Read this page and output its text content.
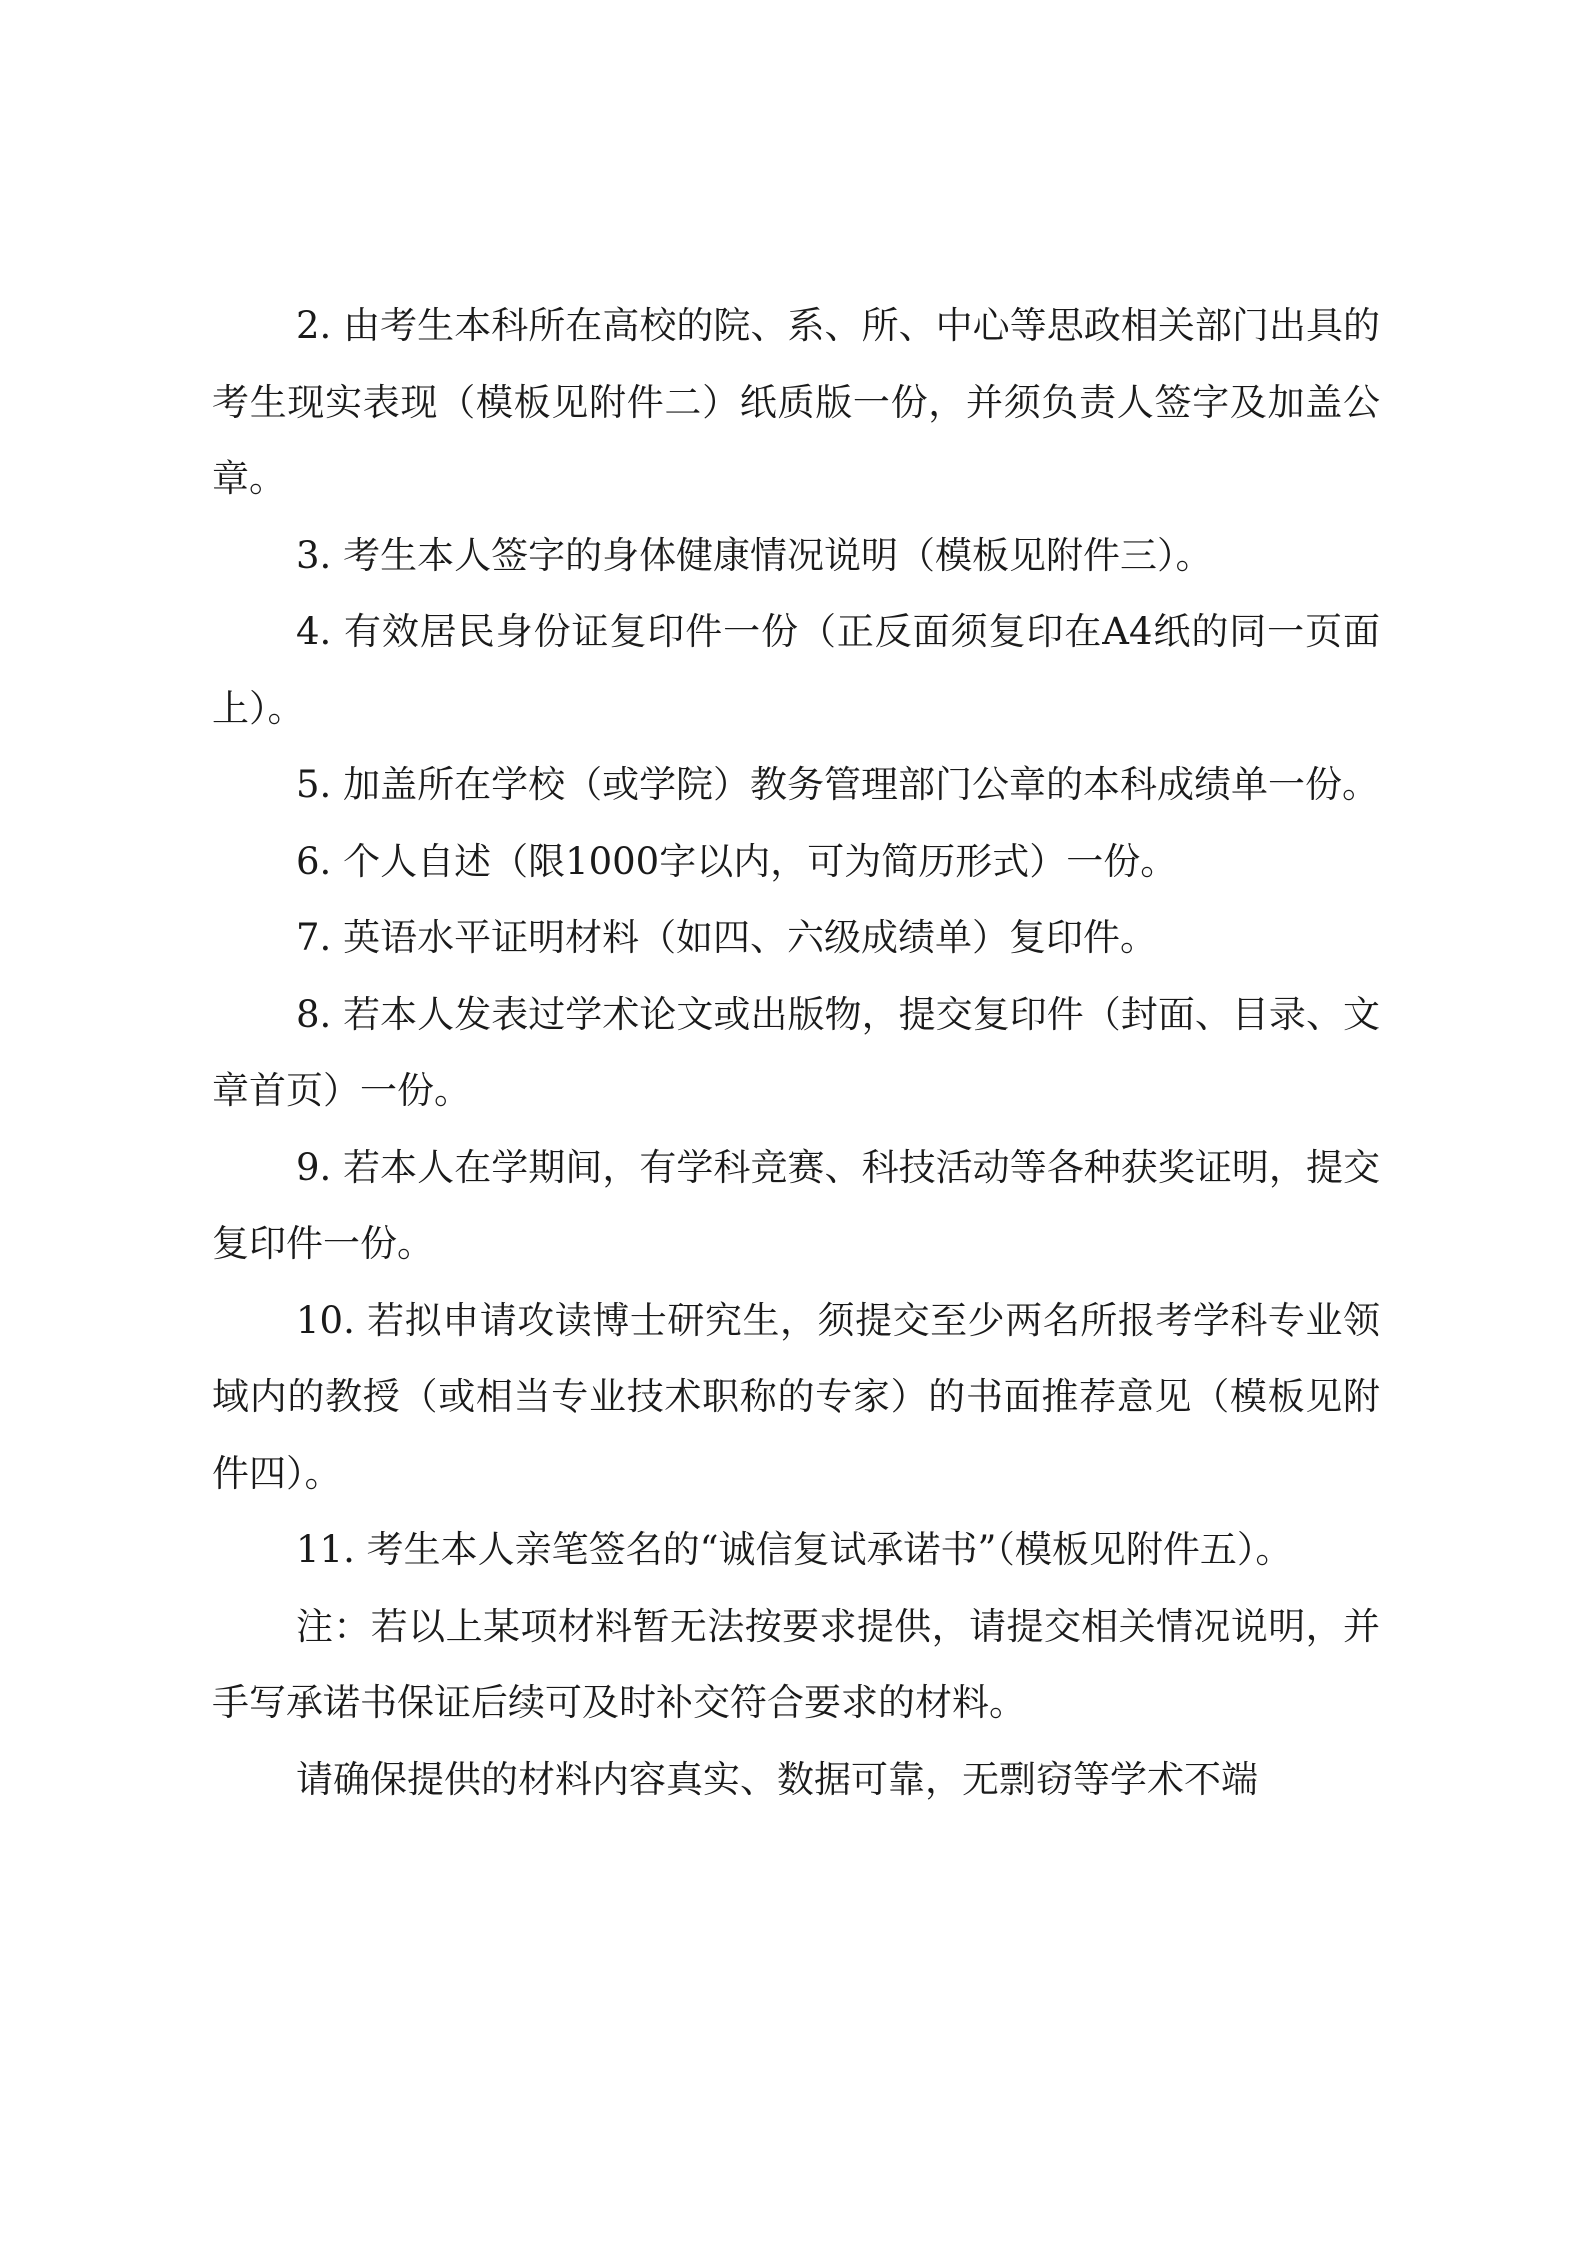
2. 由考生本科所在高校的院、系、所、中心等思政相关部门出具的考生现实表现（模板见附件二）纸质版一份，并须负责人签字及加盖公章。

3. 考生本人签字的身体健康情况说明（模板见附件三）。

4. 有效居民身份证复印件一份（正反面须复印在A4纸的同一页面上）。

5. 加盖所在学校（或学院）教务管理部门公章的本科成绩单一份。

6. 个人自述（限1000字以内，可为简历形式）一份。

7. 英语水平证明材料（如四、六级成绩单）复印件。

8. 若本人发表过学术论文或出版物，提交复印件（封面、目录、文章首页）一份。

9. 若本人在学期间，有学科竞赛、科技活动等各种获奖证明，提交复印件一份。

10. 若拟申请攻读博士研究生，须提交至少两名所报考学科专业领域内的教授（或相当专业技术职称的专家）的书面推荐意见（模板见附件四）。

11. 考生本人亲笔签名的“诚信复试承诺书”（模板见附件五）。

注：若以上某项材料暂无法按要求提供，请提交相关情况说明，并手写承诺书保证后续可及时补交符合要求的材料。

请确保提供的材料内容真实、数据可靠，无剽窃等学术不端
